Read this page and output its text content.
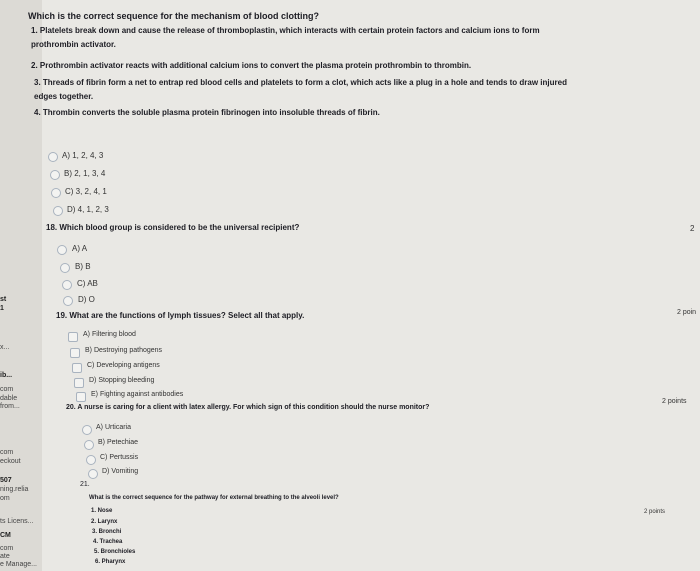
st
1
x...
ib...
com
dable
from...
com
eckout
507
ning.relia
om
ts Licens...
CM
com
ate
e Manage...
Which is the correct sequence for the mechanism of blood clotting?
1. Platelets break down and cause the release of thromboplastin, which interacts with certain protein factors and calcium ions to form
prothrombin activator.
2. Prothrombin activator reacts with additional calcium ions to convert the plasma protein prothrombin to thrombin.
3. Threads of fibrin form a net to entrap red blood cells and platelets to form a clot, which acts like a plug in a hole and tends to draw injured
edges together.
4. Thrombin converts the soluble plasma protein fibrinogen into insoluble threads of fibrin.
A) 1, 2, 4, 3
B) 2, 1, 3, 4
C) 3, 2, 4, 1
D) 4, 1, 2, 3
18. Which blood group is considered to be the universal recipient?	2
A) A
B) B
C) AB
D) O
19. What are the functions of lymph tissues? Select all that apply.	2 poin
A) Filtering blood
B) Destroying pathogens
C) Developing antigens
D) Stopping bleeding
E) Fighting against antibodies
20. A nurse is caring for a client with latex allergy. For which sign of this condition should the nurse monitor?
2 points
A) Urticaria
B) Petechiae
C) Pertussis
D) Vomiting
21.
What is the correct sequence for the pathway for external breathing to the alveoli level?
2 points
1. Nose
2. Larynx
3. Bronchi
4. Trachea
5. Bronchioles
6. Pharynx
